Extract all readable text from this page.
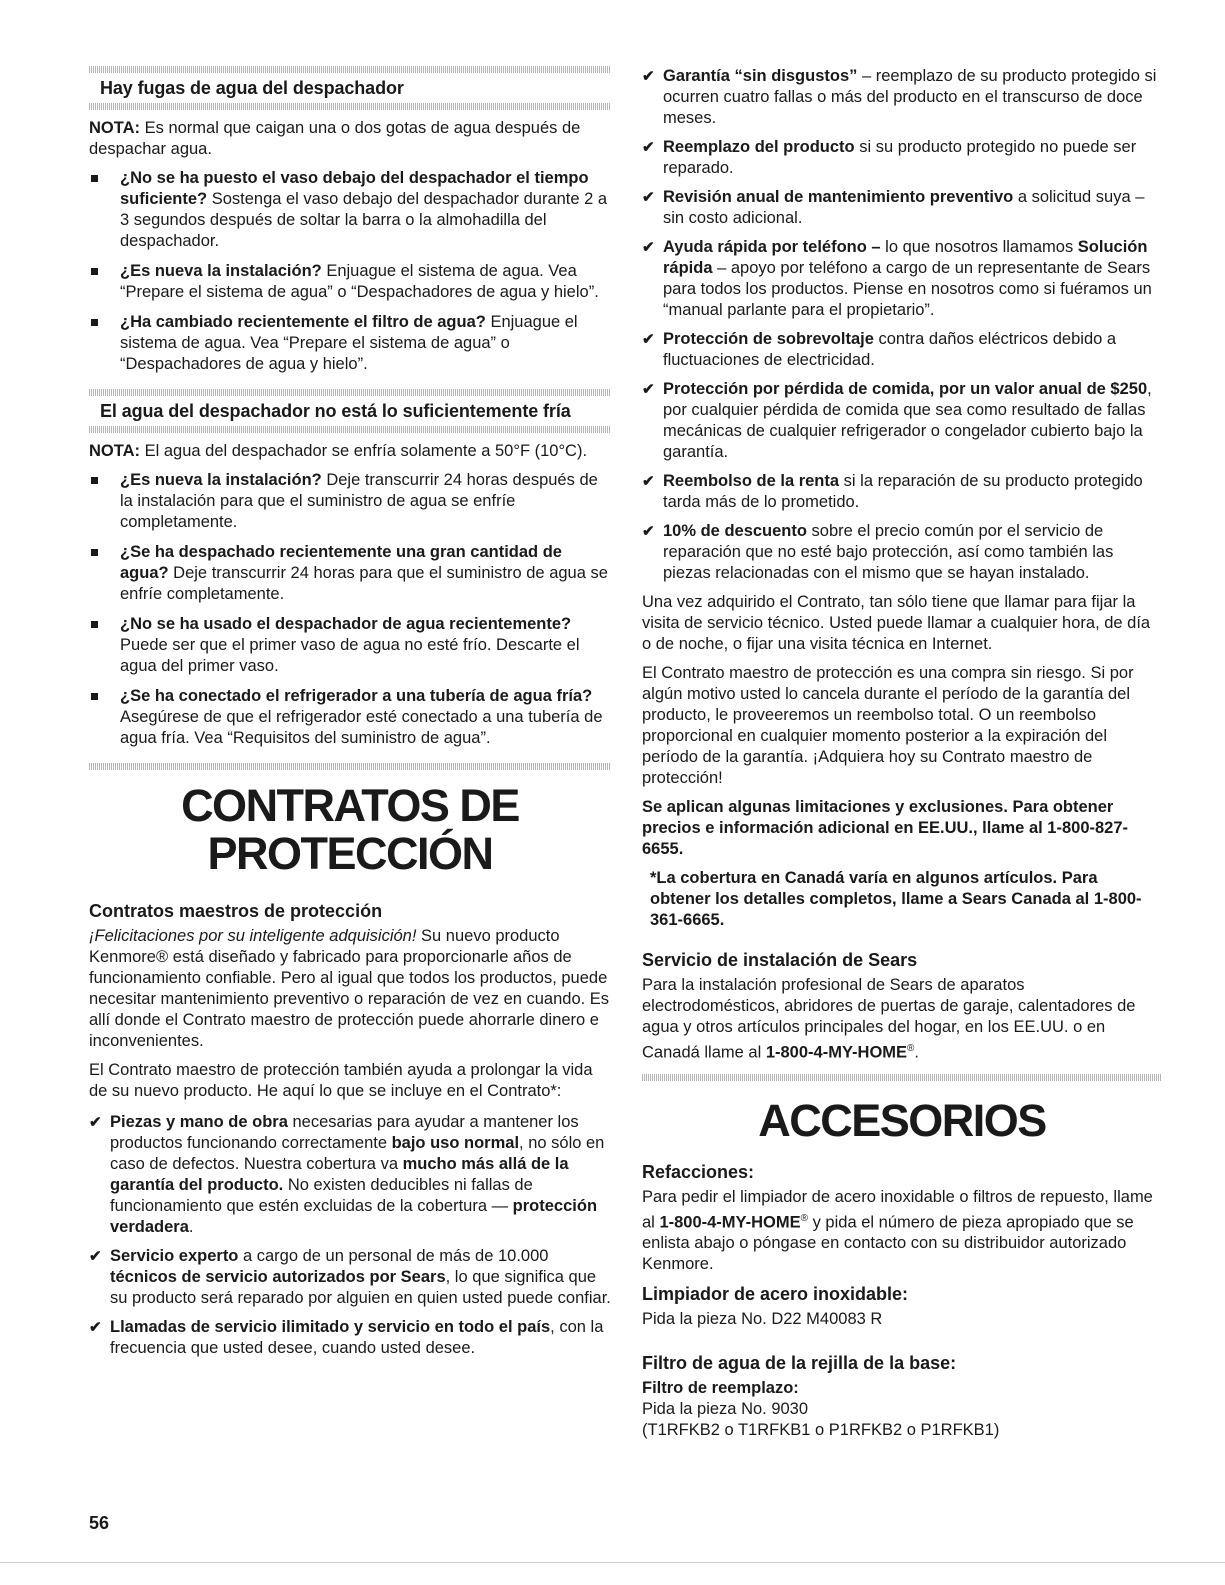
Hay fugas de agua del despachador

NOTA: Es normal que caigan una o dos gotas de agua después de despachar agua.

¿No se ha puesto el vaso debajo del despachador el tiempo suficiente? Sostenga el vaso debajo del despachador durante 2 a 3 segundos después de soltar la barra o la almohadilla del despachador.
¿Es nueva la instalación? Enjuague el sistema de agua. Vea “Prepare el sistema de agua” o “Despachadores de agua y hielo”.
¿Ha cambiado recientemente el filtro de agua? Enjuague el sistema de agua. Vea “Prepare el sistema de agua” o “Despachadores de agua y hielo”.
El agua del despachador no está lo suficientemente fría

NOTA: El agua del despachador se enfría solamente a 50°F (10°C).

¿Es nueva la instalación? Deje transcurrir 24 horas después de la instalación para que el suministro de agua se enfríe completamente.
¿Se ha despachado recientemente una gran cantidad de agua? Deje transcurrir 24 horas para que el suministro de agua se enfríe completamente.
¿No se ha usado el despachador de agua recientemente? Puede ser que el primer vaso de agua no esté frío. Descarte el agua del primer vaso.
¿Se ha conectado el refrigerador a una tubería de agua fría? Asegúrese de que el refrigerador esté conectado a una tubería de agua fría. Vea “Requisitos del suministro de agua”.
CONTRATOS DE
PROTECCIÓN
Contratos maestros de protección

¡Felicitaciones por su inteligente adquisición! Su nuevo producto Kenmore® está diseñado y fabricado para proporcionarle años de funcionamiento confiable. Pero al igual que todos los productos, puede necesitar mantenimiento preventivo o reparación de vez en cuando. Es allí donde el Contrato maestro de protección puede ahorrarle dinero e inconvenientes.

El Contrato maestro de protección también ayuda a prolongar la vida de su nuevo producto. He aquí lo que se incluye en el Contrato*:

✔ Piezas y mano de obra necesarias para ayudar a mantener los productos funcionando correctamente bajo uso normal, no sólo en caso de defectos. Nuestra cobertura va mucho más allá de la garantía del producto. No existen deducibles ni fallas de funcionamiento que estén excluidas de la cobertura — protección verdadera.
✔ Servicio experto a cargo de un personal de más de 10.000 técnicos de servicio autorizados por Sears, lo que significa que su producto será reparado por alguien en quien usted puede confiar.
✔ Llamadas de servicio ilimitado y servicio en todo el país, con la frecuencia que usted desee, cuando usted desee.
✔ Garantía “sin disgustos” – reemplazo de su producto protegido si ocurren cuatro fallas o más del producto en el transcurso de doce meses.
✔ Reemplazo del producto si su producto protegido no puede ser reparado.
✔ Revisión anual de mantenimiento preventivo a solicitud suya – sin costo adicional.
✔ Ayuda rápida por teléfono – lo que nosotros llamamos Solución rápida – apoyo por teléfono a cargo de un representante de Sears para todos los productos. Piense en nosotros como si fuéramos un “manual parlante para el propietario”.
✔ Protección de sobrevoltaje contra daños eléctricos debido a fluctuaciones de electricidad.
✔ Protección por pérdida de comida, por un valor anual de $250, por cualquier pérdida de comida que sea como resultado de fallas mecánicas de cualquier refrigerador o congelador cubierto bajo la garantía.
✔ Reembolso de la renta si la reparación de su producto protegido tarda más de lo prometido.
✔ 10% de descuento sobre el precio común por el servicio de reparación que no esté bajo protección, así como también las piezas relacionadas con el mismo que se hayan instalado.

Una vez adquirido el Contrato, tan sólo tiene que llamar para fijar la visita de servicio técnico. Usted puede llamar a cualquier hora, de día o de noche, o fijar una visita técnica en Internet.

El Contrato maestro de protección es una compra sin riesgo. Si por algún motivo usted lo cancela durante el período de la garantía del producto, le proveeremos un reembolso total. O un reembolso proporcional en cualquier momento posterior a la expiración del período de la garantía. ¡Adquiera hoy su Contrato maestro de protección!

Se aplican algunas limitaciones y exclusiones. Para obtener precios e información adicional en EE.UU., llame al 1-800-827-6655.

*La cobertura en Canadá varía en algunos artículos. Para obtener los detalles completos, llame a Sears Canada al 1-800-361-6665.

Servicio de instalación de Sears

Para la instalación profesional de Sears de aparatos electrodomésticos, abridores de puertas de garaje, calentadores de agua y otros artículos principales del hogar, en los EE.UU. o en Canadá llame al 1-800-4-MY-HOME®.

ACCESORIOS
Refacciones:

Para pedir el limpiador de acero inoxidable o filtros de repuesto, llame al 1-800-4-MY-HOME® y pida el número de pieza apropiado que se enlista abajo o póngase en contacto con su distribuidor autorizado Kenmore.

Limpiador de acero inoxidable:

Pida la pieza No. D22 M40083 R

Filtro de agua de la rejilla de la base:
Filtro de reemplazo:
Pida la pieza No. 9030
(T1RFKB2 o T1RFKB1 o P1RFKB2 o P1RFKB1)
56
